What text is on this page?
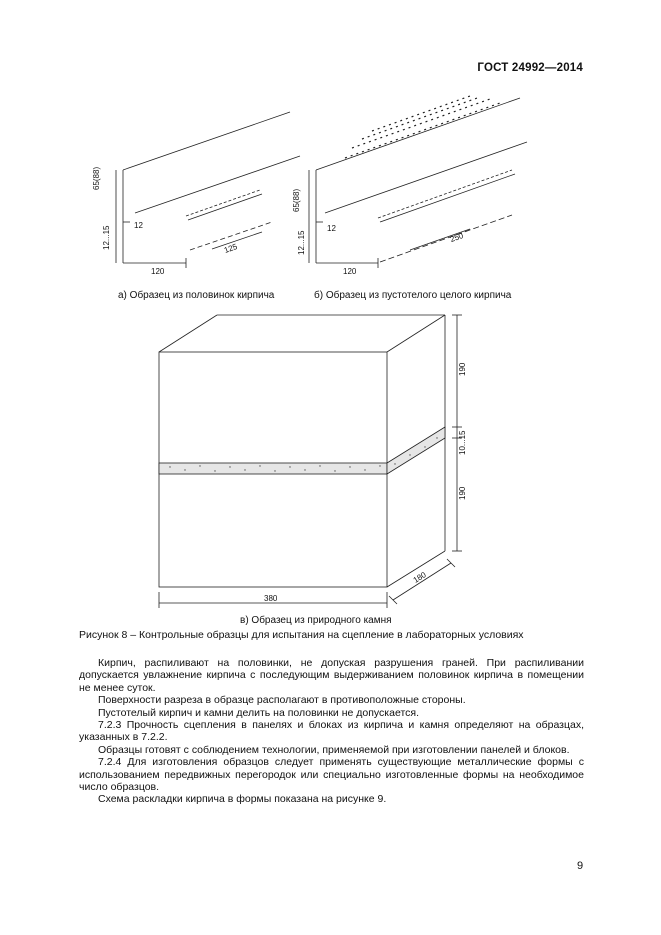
ГОСТ 24992—2014
65(88)
12...15
12
120
125
а) Образец из половинок кирпича
65(88)
12...15
12
120
250
б) Образец из пустотелого целого кирпича
190
10...15
190
380
180
в) Образец из природного камня
Рисунок 8 – Контрольные образцы для испытания на сцепление в лабораторных условиях

Кирпич, распиливают на половинки, не допуская разрушения граней. При распиливании допускается увлажнение кирпича с последующим выдерживанием половинок кирпича в помещении не менее суток.

Поверхности разреза в образце располагают в противоположные стороны.

Пустотелый кирпич и камни делить на половинки не допускается.

7.2.3 Прочность сцепления в панелях и блоках из кирпича и камня определяют на образцах, указанных в 7.2.2.

Образцы готовят с соблюдением технологии, применяемой при изготовлении панелей и блоков.

7.2.4 Для изготовления образцов следует применять существующие металлические формы с использованием передвижных перегородок или специально изготовленные формы на необходимое число образцов.

Схема раскладки кирпича в формы показана на рисунке 9.

9
